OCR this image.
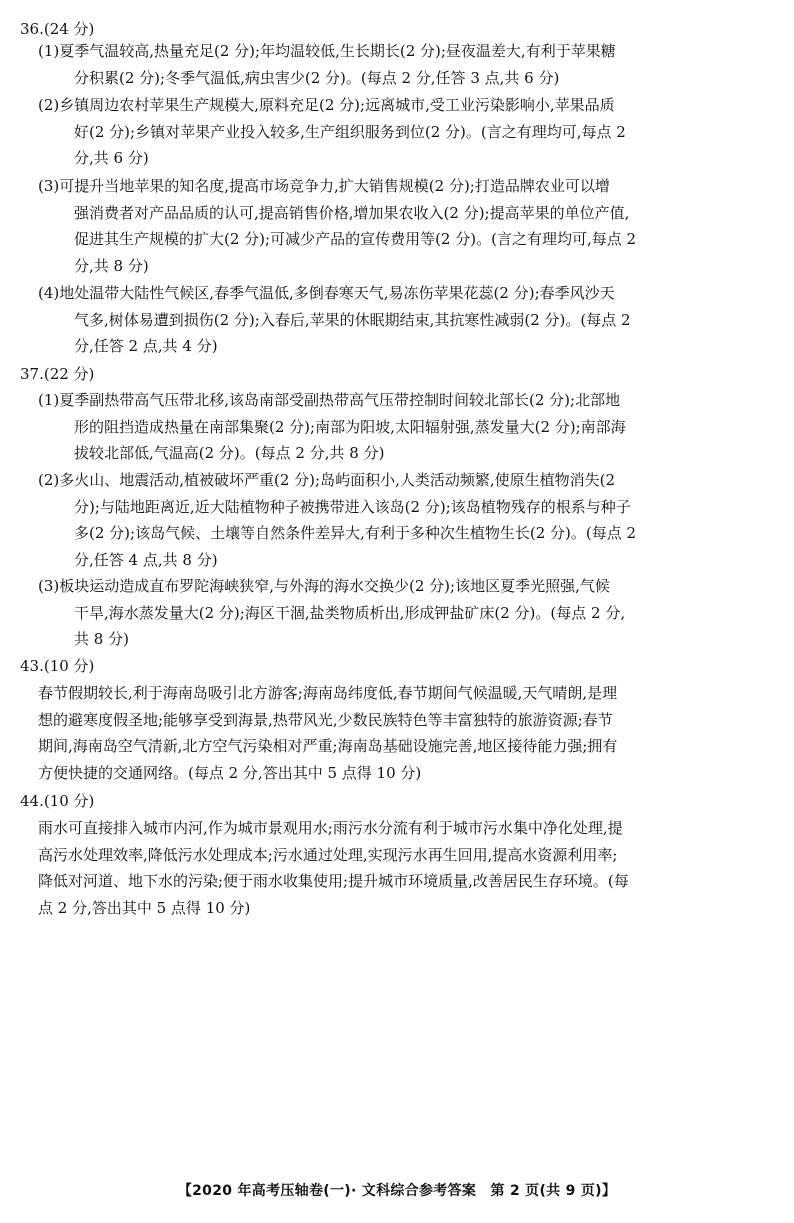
36.(24 分)
(1)夏季气温较高,热量充足(2 分);年均温较低,生长期长(2 分);昼夜温差大,有利于苹果糖
分积累(2 分);冬季气温低,病虫害少(2 分)。(每点 2 分,任答 3 点,共 6 分)
(2)乡镇周边农村苹果生产规模大,原料充足(2 分);远离城市,受工业污染影响小,苹果品质
好(2 分);乡镇对苹果产业投入较多,生产组织服务到位(2 分)。(言之有理均可,每点 2
分,共 6 分)
(3)可提升当地苹果的知名度,提高市场竞争力,扩大销售规模(2 分);打造品牌农业可以增
强消费者对产品品质的认可,提高销售价格,增加果农收入(2 分);提高苹果的单位产值,
促进其生产规模的扩大(2 分);可减少产品的宣传费用等(2 分)。(言之有理均可,每点 2
分,共 8 分)
(4)地处温带大陆性气候区,春季气温低,多倒春寒天气,易冻伤苹果花蕊(2 分);春季风沙天
气多,树体易遭到损伤(2 分);入春后,苹果的休眠期结束,其抗寒性减弱(2 分)。(每点 2
分,任答 2 点,共 4 分)
37.(22 分)
(1)夏季副热带高气压带北移,该岛南部受副热带高气压带控制时间较北部长(2 分);北部地
形的阻挡造成热量在南部集聚(2 分);南部为阳坡,太阳辐射强,蒸发量大(2 分);南部海
拔较北部低,气温高(2 分)。(每点 2 分,共 8 分)
(2)多火山、地震活动,植被破坏严重(2 分);岛屿面积小,人类活动频繁,使原生植物消失(2
分);与陆地距离近,近大陆植物种子被携带进入该岛(2 分);该岛植物残存的根系与种子
多(2 分);该岛气候、土壤等自然条件差异大,有利于多种次生植物生长(2 分)。(每点 2
分,任答 4 点,共 8 分)
(3)板块运动造成直布罗陀海峡狭窄,与外海的海水交换少(2 分);该地区夏季光照强,气候
干旱,海水蒸发量大(2 分);海区干涸,盐类物质析出,形成钾盐矿床(2 分)。(每点 2 分,
共 8 分)
43.(10 分)
春节假期较长,利于海南岛吸引北方游客;海南岛纬度低,春节期间气候温暖,天气晴朗,是理
想的避寒度假圣地;能够享受到海景,热带风光,少数民族特色等丰富独特的旅游资源;春节
期间,海南岛空气清新,北方空气污染相对严重;海南岛基础设施完善,地区接待能力强;拥有
方便快捷的交通网络。(每点 2 分,答出其中 5 点得 10 分)
44.(10 分)
雨水可直接排入城市内河,作为城市景观用水;雨污水分流有利于城市污水集中净化处理,提
高污水处理效率,降低污水处理成本;污水通过处理,实现污水再生回用,提高水资源利用率;
降低对河道、地下水的污染;便于雨水收集使用;提升城市环境质量,改善居民生存环境。(每
点 2 分,答出其中 5 点得 10 分)
【2020 年高考压轴卷(一)· 文科综合参考答案　第 2 页(共 9 页)】
